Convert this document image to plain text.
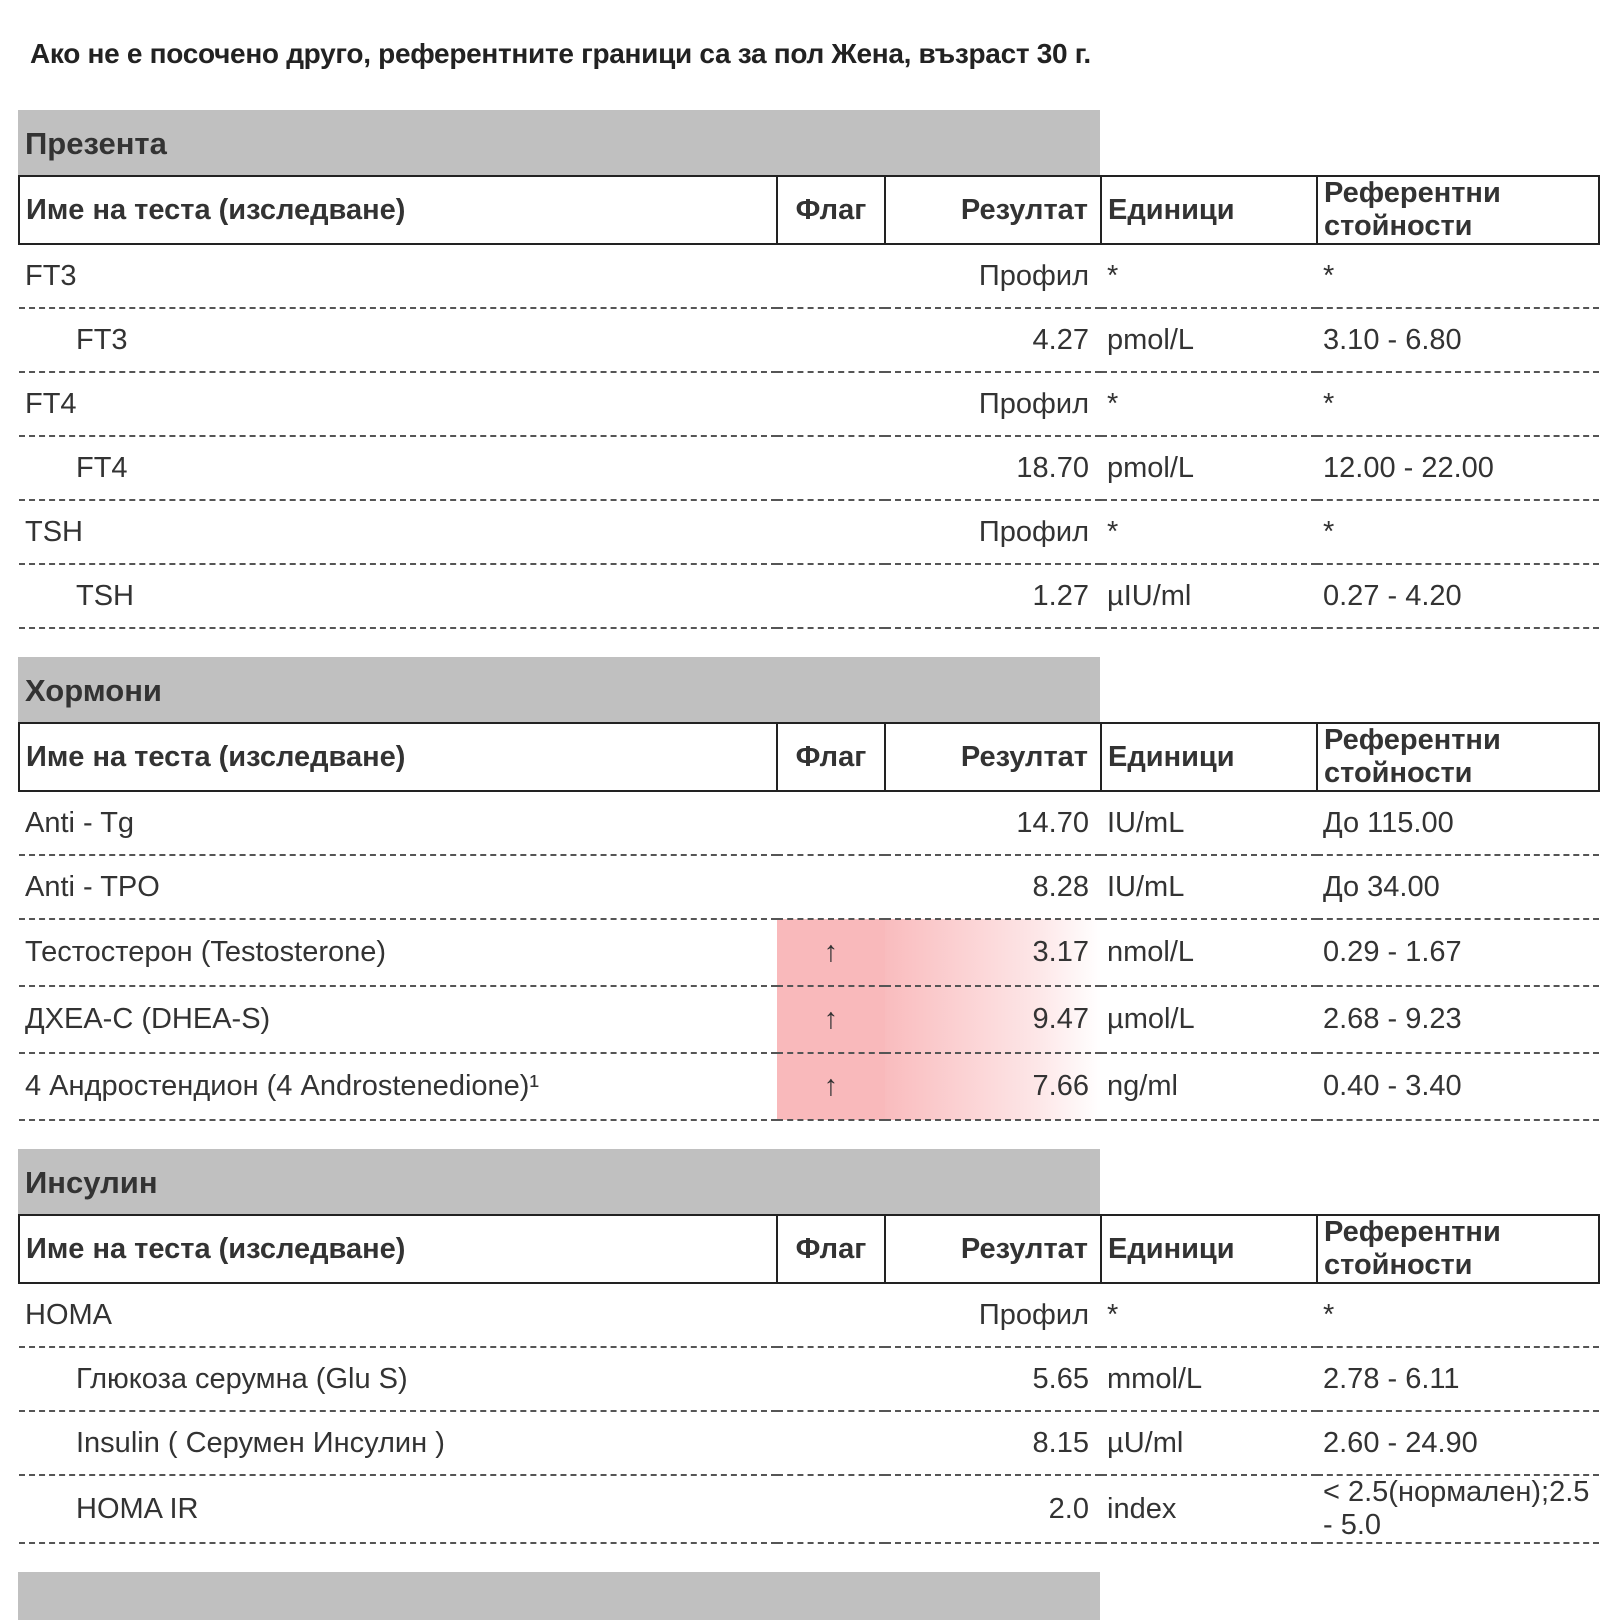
Ако не е посочено друго, референтните граници са за пол Жена, възраст 30 г.
Презента
Име на теста (изследване)	Флаг	Резултат	Единици	Референтни стойности
FT3		Профил	*	*
FT3		4.27	pmol/L	3.10 - 6.80
FT4		Профил	*	*
FT4		18.70	pmol/L	12.00 - 22.00
TSH		Профил	*	*
TSH		1.27	µIU/ml	0.27 - 4.20
Хормони
Име на теста (изследване)	Флаг	Резултат	Единици	Референтни стойности
Anti - Tg		14.70	IU/mL	До 115.00
Anti - TPO		8.28	IU/mL	До 34.00
Тестостерон (Testosterone)	↑	3.17	nmol/L	0.29 - 1.67
ДХЕА-С (DHEA-S)	↑	9.47	µmol/L	2.68 - 9.23
4 Андростендион (4 Androstenedione)¹	↑	7.66	ng/ml	0.40 - 3.40
Инсулин
Име на теста (изследване)	Флаг	Резултат	Единици	Референтни стойности
HOMA		Профил	*	*
Глюкоза серумна (Glu S)		5.65	mmol/L	2.78 - 6.11
Insulin ( Серумен Инсулин )		8.15	µU/ml	2.60 - 24.90
HOMA IR		2.0	index	< 2.5(нормален);2.5 - 5.0
